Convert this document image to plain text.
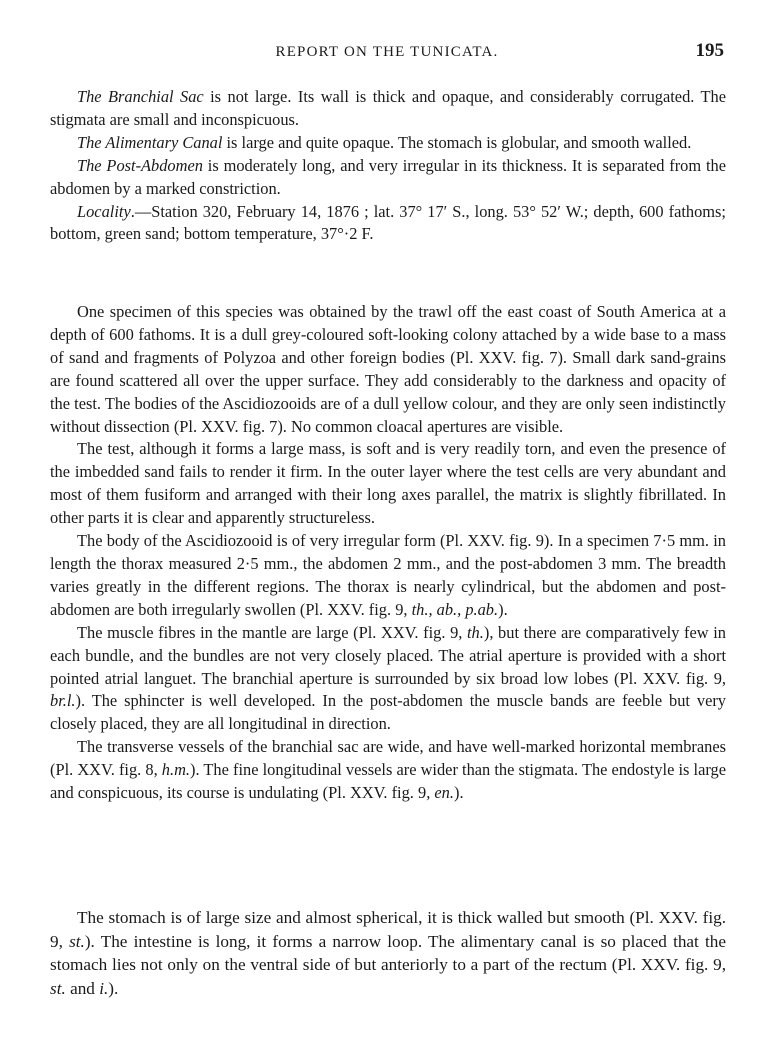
REPORT ON THE TUNICATA.	195

The Branchial Sac is not large. Its wall is thick and opaque, and considerably corrugated. The stigmata are small and inconspicuous.

The Alimentary Canal is large and quite opaque. The stomach is globular, and smooth walled.

The Post-Abdomen is moderately long, and very irregular in its thickness. It is separated from the abdomen by a marked constriction.

Locality.—Station 320, February 14, 1876 ; lat. 37° 17′ S., long. 53° 52′ W.; depth, 600 fathoms; bottom, green sand; bottom temperature, 37°·2 F.

One specimen of this species was obtained by the trawl off the east coast of South America at a depth of 600 fathoms. It is a dull grey-coloured soft-looking colony attached by a wide base to a mass of sand and fragments of Polyzoa and other foreign bodies (Pl. XXV. fig. 7). Small dark sand-grains are found scattered all over the upper surface. They add considerably to the darkness and opacity of the test. The bodies of the Ascidiozooids are of a dull yellow colour, and they are only seen indistinctly without dissection (Pl. XXV. fig. 7). No common cloacal apertures are visible.

The test, although it forms a large mass, is soft and is very readily torn, and even the presence of the imbedded sand fails to render it firm. In the outer layer where the test cells are very abundant and most of them fusiform and arranged with their long axes parallel, the matrix is slightly fibrillated. In other parts it is clear and apparently structureless.

The body of the Ascidiozooid is of very irregular form (Pl. XXV. fig. 9). In a specimen 7·5 mm. in length the thorax measured 2·5 mm., the abdomen 2 mm., and the post-abdomen 3 mm. The breadth varies greatly in the different regions. The thorax is nearly cylindrical, but the abdomen and post-abdomen are both irregularly swollen (Pl. XXV. fig. 9, th., ab., p.ab.).

The muscle fibres in the mantle are large (Pl. XXV. fig. 9, th.), but there are comparatively few in each bundle, and the bundles are not very closely placed. The atrial aperture is provided with a short pointed atrial languet. The branchial aperture is surrounded by six broad low lobes (Pl. XXV. fig. 9, br.l.). The sphincter is well developed. In the post-abdomen the muscle bands are feeble but very closely placed, they are all longitudinal in direction.

The transverse vessels of the branchial sac are wide, and have well-marked horizontal membranes (Pl. XXV. fig. 8, h.m.). The fine longitudinal vessels are wider than the stigmata. The endostyle is large and conspicuous, its course is undulating (Pl. XXV. fig. 9, en.).

The stomach is of large size and almost spherical, it is thick walled but smooth (Pl. XXV. fig. 9, st.). The intestine is long, it forms a narrow loop. The alimentary canal is so placed that the stomach lies not only on the ventral side of but anteriorly to a part of the rectum (Pl. XXV. fig. 9, st. and i.).
